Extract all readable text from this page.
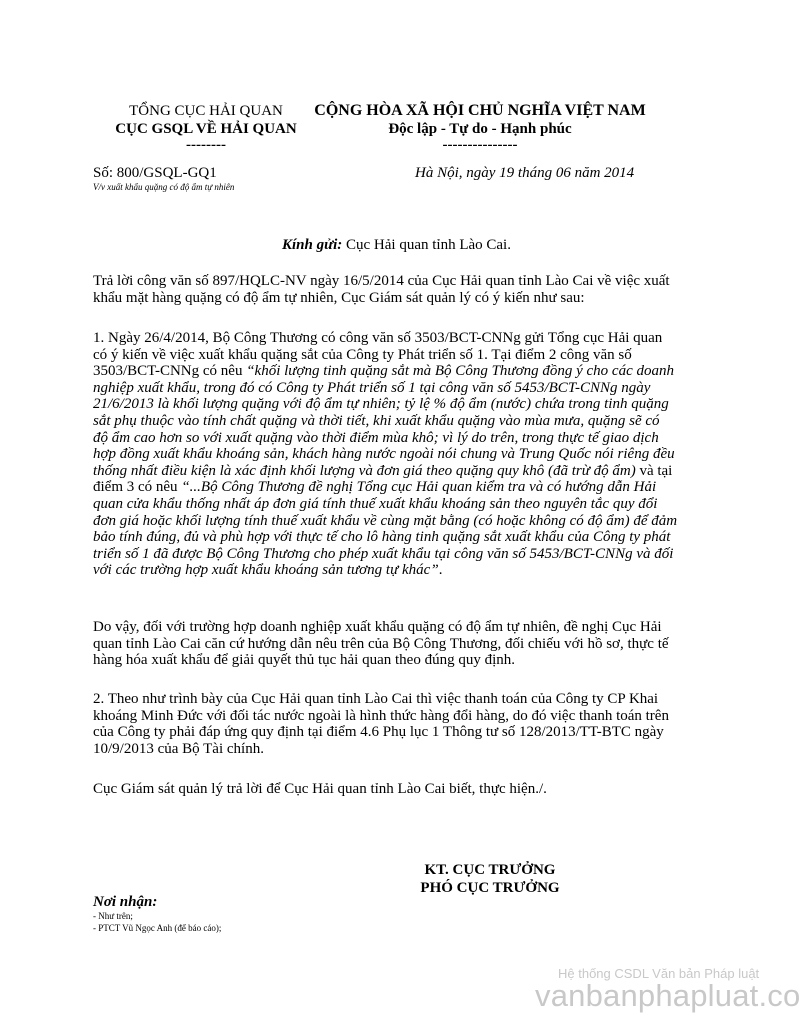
TỔNG CỤC HẢI QUAN
CỤC GSQL VỀ HẢI QUAN
--------
CỘNG HÒA XÃ HỘI CHỦ NGHĨA VIỆT NAM
Độc lập - Tự do - Hạnh phúc
---------------
Số: 800/GSQL-GQ1
V/v xuất khẩu quặng có độ ẩm tự nhiên
Hà Nội, ngày 19 tháng 06 năm 2014
Kính gửi: Cục Hải quan tỉnh Lào Cai.
Trả lời công văn số 897/HQLC-NV ngày 16/5/2014 của Cục Hải quan tỉnh Lào Cai về việc xuất
khẩu mặt hàng quặng có độ ẩm tự nhiên, Cục Giám sát quản lý có ý kiến như sau:
1. Ngày 26/4/2014, Bộ Công Thương có công văn số 3503/BCT-CNNg gửi Tổng cục Hải quan
có ý kiến về việc xuất khẩu quặng sắt của Công ty Phát triển số 1. Tại điểm 2 công văn số
3503/BCT-CNNg có nêu “khối lượng tinh quặng sắt mà Bộ Công Thương đồng ý cho các doanh
nghiệp xuất khẩu, trong đó có Công ty Phát triển số 1 tại công văn số 5453/BCT-CNNg ngày
21/6/2013 là khối lượng quặng với độ ẩm tự nhiên; tỷ lệ % độ ẩm (nước) chứa trong tinh quặng
sắt phụ thuộc vào tính chất quặng và thời tiết, khi xuất khẩu quặng vào mùa mưa, quặng sẽ có
độ ẩm cao hơn so với xuất quặng vào thời điểm mùa khô; vì lý do trên, trong thực tế giao dịch
hợp đồng xuất khẩu khoáng sản, khách hàng nước ngoài nói chung và Trung Quốc nói riêng đều
thống nhất điều kiện là xác định khối lượng và đơn giá theo quặng quy khô (đã trừ độ ẩm) và tại
điểm 3 có nêu “...Bộ Công Thương đề nghị Tổng cục Hải quan kiểm tra và có hướng dẫn Hải
quan cửa khẩu thống nhất áp đơn giá tính thuế xuất khẩu khoáng sản theo nguyên tắc quy đổi
đơn giá hoặc khối lượng tính thuế xuất khẩu về cùng mặt bằng (có hoặc không có độ ẩm) để đảm
bảo tính đúng, đủ và phù hợp với thực tế cho lô hàng tinh quặng sắt xuất khẩu của Công ty phát
triển số 1 đã được Bộ Công Thương cho phép xuất khẩu tại công văn số 5453/BCT-CNNg và đối
với các trường hợp xuất khẩu khoáng sản tương tự khác”.
Do vậy, đối với trường hợp doanh nghiệp xuất khẩu quặng có độ ẩm tự nhiên, đề nghị Cục Hải
quan tỉnh Lào Cai căn cứ hướng dẫn nêu trên của Bộ Công Thương, đối chiếu với hồ sơ, thực tế
hàng hóa xuất khẩu để giải quyết thủ tục hải quan theo đúng quy định.
2. Theo như trình bày của Cục Hải quan tỉnh Lào Cai thì việc thanh toán của Công ty CP Khai
khoáng Minh Đức với đối tác nước ngoài là hình thức hàng đổi hàng, do đó việc thanh toán trên
của Công ty phải đáp ứng quy định tại điểm 4.6 Phụ lục 1 Thông tư số 128/2013/TT-BTC ngày
10/9/2013 của Bộ Tài chính.
Cục Giám sát quản lý trả lời để Cục Hải quan tỉnh Lào Cai biết, thực hiện./.
KT. CỤC TRƯỞNG
PHÓ CỤC TRƯỞNG
Nơi nhận:
- Như trên;
- PTCT Vũ Ngọc Anh (để báo cáo);
Hệ thống CSDL Văn bản Pháp luật
vanbanphapluat.co
